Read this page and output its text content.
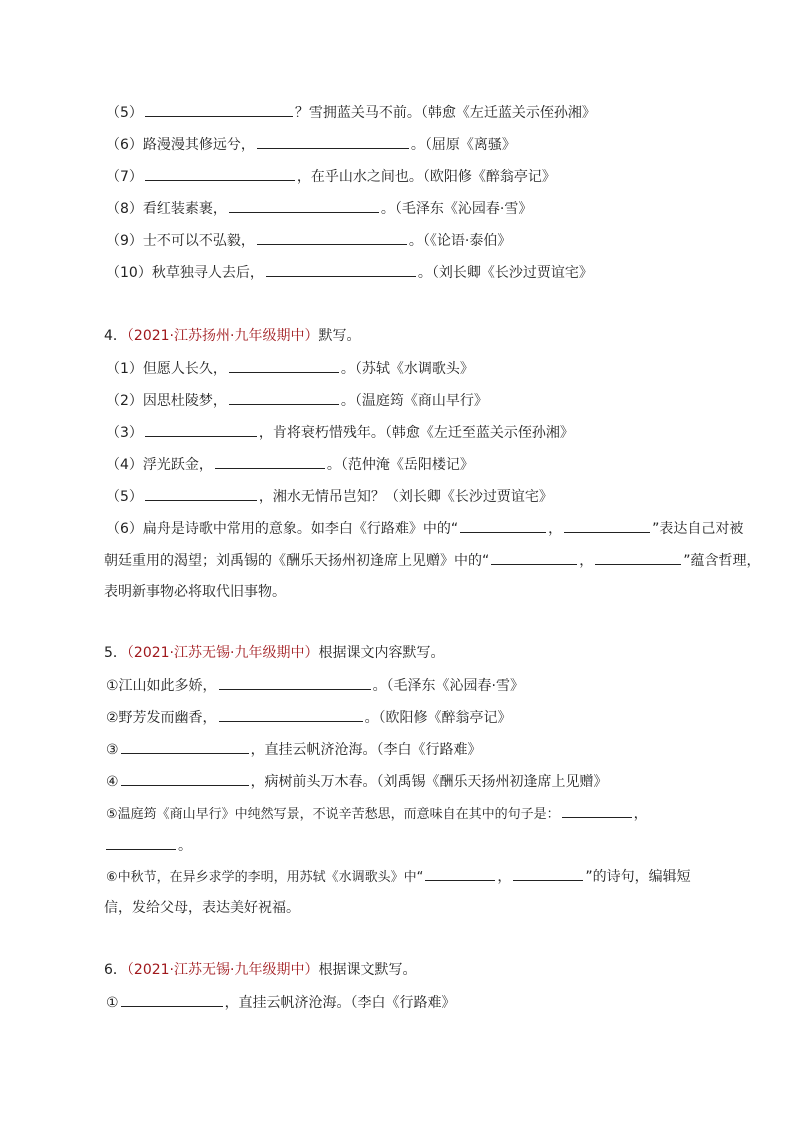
（5）	？雪拥蓝关马不前。（韩愈《左迁蓝关示侄孙湘》
（6）路漫漫其修远兮，	。（屈原《离骚》
（7）	，在乎山水之间也。（欧阳修《醉翁亭记》
（8）看红装素裹，	。（毛泽东《沁园春·雪》
（9）士不可以不弘毅，	。（《论语·泰伯》
（10）秋草独寻人去后，	。（刘长卿《长沙过贾谊宅》
4．（2021·江苏扬州·九年级期中）默写。
（1）但愿人长久，	。（苏轼《水调歌头》
（2）因思杜陵梦，	。（温庭筠《商山早行》
（3）	，肯将衰朽惜残年。（韩愈《左迁至蓝关示侄孙湘》
（4）浮光跃金，	。（范仲淹《岳阳楼记》
（5）	，湘水无情吊岂知？（刘长卿《长沙过贾谊宅》
（6）扁舟是诗歌中常用的意象。如李白《行路难》中的“	，	”表达自己对被
朝廷重用的渴望；刘禹锡的《酬乐天扬州初逢席上见赠》中的“	，	”蕴含哲理，
表明新事物必将取代旧事物。
5．（2021·江苏无锡·九年级期中）根据课文内容默写。
①江山如此多娇，	。（毛泽东《沁园春·雪》
②野芳发而幽香，	。（欧阳修《醉翁亭记》
③	，直挂云帆济沧海。（李白《行路难》
④	，病树前头万木春。（刘禹锡《酬乐天扬州初逢席上见赠》
⑤温庭筠《商山早行》中纯然写景，不说辛苦愁思，而意味自在其中的句子是：	，
。
⑥中秋节，在异乡求学的李明，用苏轼《水调歌头》中“	，	”的诗句，编辑短
信，发给父母，表达美好祝福。
6．（2021·江苏无锡·九年级期中）根据课文默写。
①	，直挂云帆济沧海。（李白《行路难》
